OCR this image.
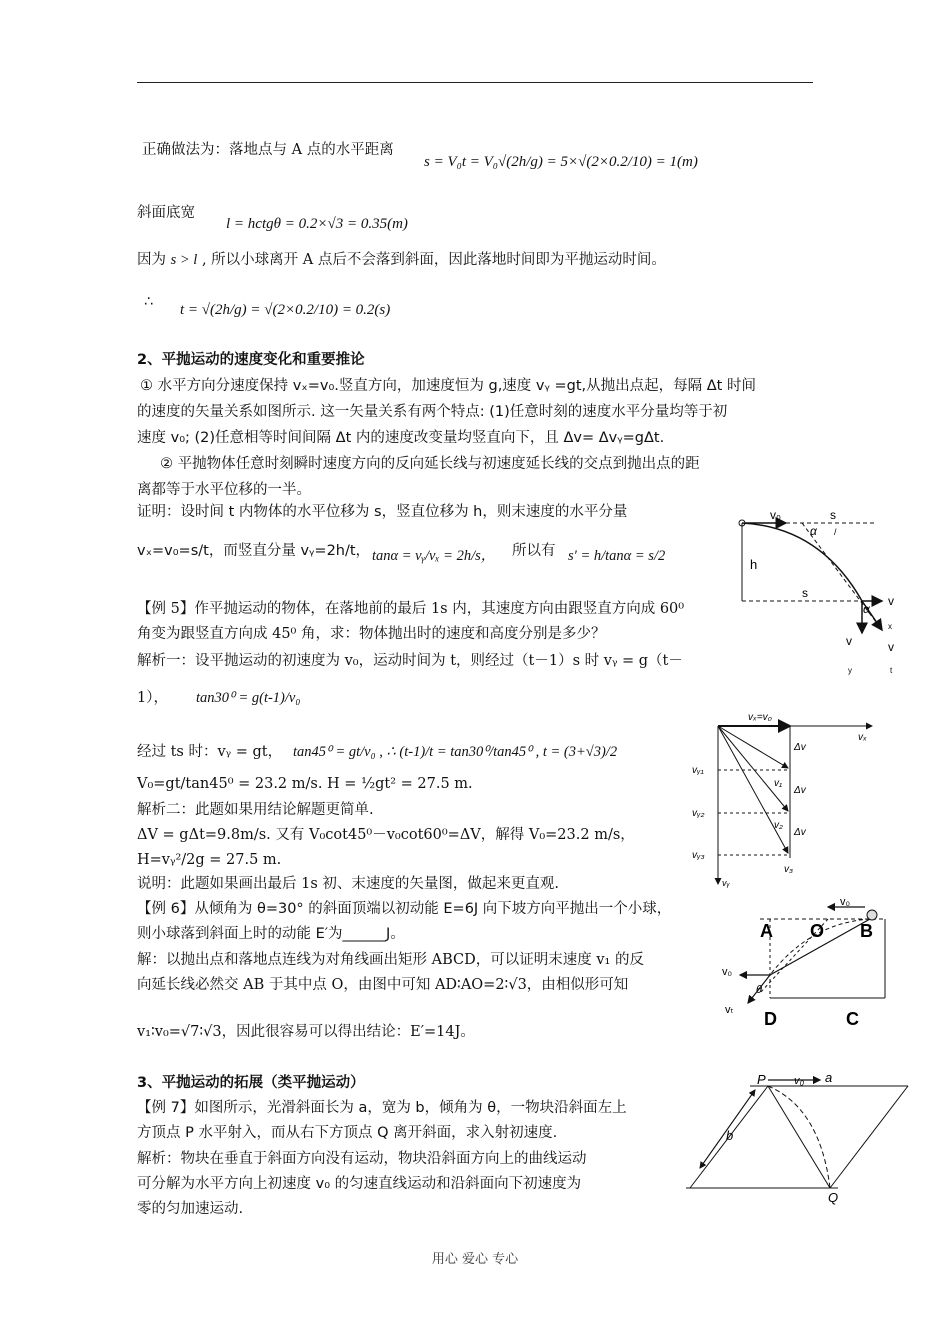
正确做法为：落地点与 A 点的水平距离
s = V₀t = V₀√(2h/g) = 5×√(2×0.2/10) = 1(m)
斜面底宽
l = hctgθ = 0.2×√3 = 0.35(m)
因为 s > l , 所以小球离开 A 点后不会落到斜面，因此落地时间即为平抛运动时间。
∴ t = √(2h/g) = √(2×0.2/10) = 0.2(s)
2、平抛运动的速度变化和重要推论
① 水平方向分速度保持 vₓ=v₀.竖直方向，加速度恒为 g,速度 vᵧ =gt,从抛出点起，每隔 Δt 时间
的速度的矢量关系如图所示. 这一矢量关系有两个特点: (1)任意时刻的速度水平分量均等于初
速度 v₀; (2)任意相等时间间隔 Δt 内的速度改变量均竖直向下，且 Δv= Δvᵧ=gΔt.
② 平抛物体任意时刻瞬时速度方向的反向延长线与初速度延长线的交点到抛出点的距
离都等于水平位移的一半。
证明：设时间 t 内物体的水平位移为 s，竖直位移为 h，则末速度的水平分量
vₓ=v₀=s/t，而竖直分量 vᵧ=2h/t， tanα = vᵧ/vₓ = 2h/s， 所以有 s′ = h/tanα = s/2
【例 5】作平抛运动的物体，在落地前的最后 1s 内，其速度方向由跟竖直方向成 60⁰
角变为跟竖直方向成 45⁰ 角，求：物体抛出时的速度和高度分别是多少？
解析一：设平抛运动的初速度为 v₀，运动时间为 t，则经过（t－1）s 时 vᵧ = g（t－
1）， tan30⁰ = g(t-1)/v₀
经过 ts 时：vᵧ = gt， tan45⁰ = gt/v₀ , ∴ (t-1)/t = tan30⁰/tan45⁰ , t = (3+√3)/2
V₀=gt/tan45⁰ = 23.2 m/s. H = ½gt² = 27.5 m.
解析二：此题如果用结论解题更简单.
ΔV = gΔt=9.8m/s. 又有 V₀cot45⁰－v₀cot60⁰=ΔV，解得 V₀=23.2 m/s，
H=vᵧ²/2g = 27.5 m.
说明：此题如果画出最后 1s 初、末速度的矢量图，做起来更直观.
【例 6】从倾角为 θ=30° 的斜面顶端以初动能 E=6J 向下坡方向平抛出一个小球，
则小球落到斜面上时的动能 E′为______J。
解：以抛出点和落地点连线为对角线画出矩形 ABCD，可以证明末速度 v₁ 的反
向延长线必然交 AB 于其中点 O，由图中可知 AD∶AO=2∶√3，由相似形可知
v₁∶v₀=√7∶√3，因此很容易可以得出结论：E′=14J。
3、平抛运动的拓展（类平抛运动）
【例 7】如图所示，光滑斜面长为 a，宽为 b，倾角为 θ，一物块沿斜面左上
方顶点 P 水平射入，而从右下方顶点 Q 离开斜面，求入射初速度.
解析：物块在垂直于斜面方向没有运动，物块沿斜面方向上的曲线运动
可分解为水平方向上初速度 v₀ 的匀速直线运动和沿斜面向下初速度为
零的匀加速运动.
v₀	s
/
α
h
s
α
v
x
v
y
v
t
vₓ=v₀
vₓ
Δv
Δv
Δv
vᵧ₁
vᵧ₂
vᵧ₃
v₁
v₂
v₃
vᵧ
v₀
A O B
v₀
θ
vₜ D	C
P	v₀ a
b
Q
用心 爱心 专心
